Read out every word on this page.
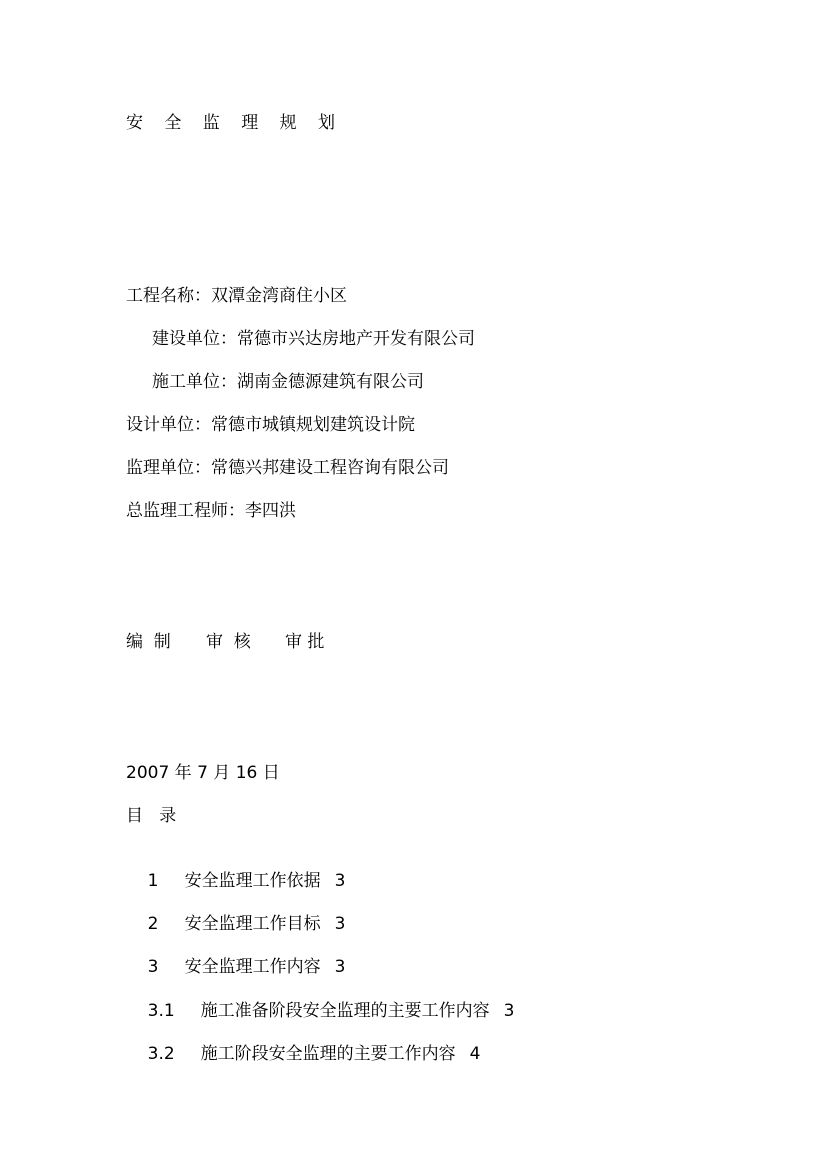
安 全 监 理 规 划
工程名称：双潭金湾商住小区
建设单位：常德市兴达房地产开发有限公司
施工单位：湖南金德源建筑有限公司
设计单位：常德市城镇规划建筑设计院
监理单位：常德兴邦建设工程咨询有限公司
总监理工程师：李四洪
编  制 审  核 审 批
2007 年 7 月 16 日
目   录

1 安全监理工作依据 3

2 安全监理工作目标 3

3 安全监理工作内容 3

3.1 施工准备阶段安全监理的主要工作内容 3

3.2 施工阶段安全监理的主要工作内容 4
